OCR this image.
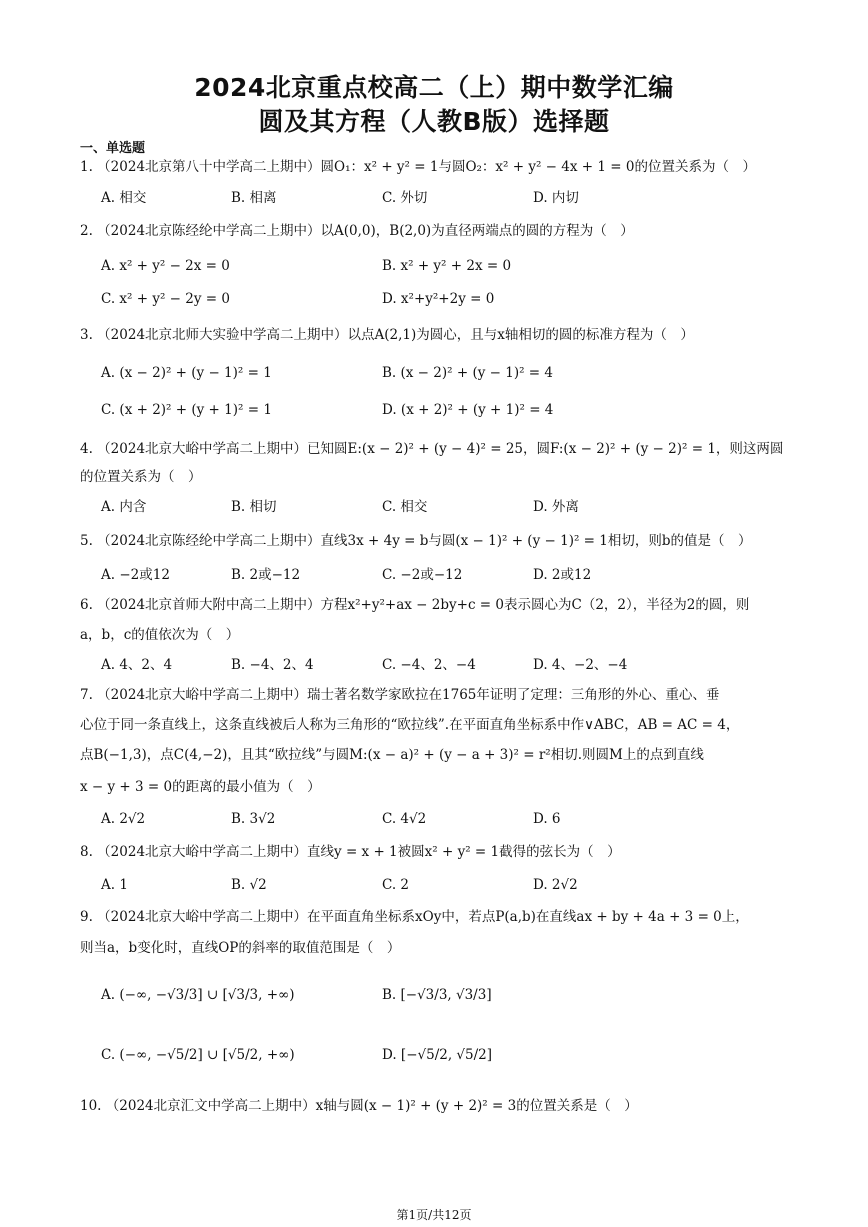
2024北京重点校高二（上）期中数学汇编
圆及其方程（人教B版）选择题
一、单选题
1. （2024北京第八十中学高二上期中）圆O₁：x² + y² = 1与圆O₂：x² + y² − 4x + 1 = 0的位置关系为（　）
A. 相交	B. 相离	C. 外切	D. 内切
2. （2024北京陈经纶中学高二上期中）以A(0,0)，B(2,0)为直径两端点的圆的方程为（　）
A. x² + y² − 2x = 0	B. x² + y² + 2x = 0
C. x² + y² − 2y = 0	D. x²+y²+2y = 0
3. （2024北京北师大实验中学高二上期中）以点A(2,1)为圆心，且与x轴相切的圆的标准方程为（　）
A. (x − 2)² + (y − 1)² = 1	B. (x − 2)² + (y − 1)² = 4
C. (x + 2)² + (y + 1)² = 1	D. (x + 2)² + (y + 1)² = 4
4. （2024北京大峪中学高二上期中）已知圆E:(x − 2)² + (y − 4)² = 25，圆F:(x − 2)² + (y − 2)² = 1，则这两圆
的位置关系为（　）
A. 内含	B. 相切	C. 相交	D. 外离
5. （2024北京陈经纶中学高二上期中）直线3x + 4y = b与圆(x − 1)² + (y − 1)² = 1相切，则b的值是（　）
A. −2或12	B. 2或−12	C. −2或−12	D. 2或12
6. （2024北京首师大附中高二上期中）方程x²+y²+ax − 2by+c = 0表示圆心为C（2，2），半径为2的圆，则
a，b，c的值依次为（　）
A. 4、2、4	B. −4、2、4	C. −4、2、−4	D. 4、−2、−4
7. （2024北京大峪中学高二上期中）瑞士著名数学家欧拉在1765年证明了定理：三角形的外心、重心、垂
心位于同一条直线上，这条直线被后人称为三角形的“欧拉线”.在平面直角坐标系中作∨ABC，AB = AC = 4，
点B(−1,3)，点C(4,−2)，且其“欧拉线”与圆M:(x − a)² + (y − a + 3)² = r²相切.则圆M上的点到直线
x − y + 3 = 0的距离的最小值为（　）
A. 2√2	B. 3√2	C. 4√2	D. 6
8. （2024北京大峪中学高二上期中）直线y = x + 1被圆x² + y² = 1截得的弦长为（　）
A. 1	B. √2	C. 2	D. 2√2
9. （2024北京大峪中学高二上期中）在平面直角坐标系xOy中，若点P(a,b)在直线ax + by + 4a + 3 = 0上，
则当a，b变化时，直线OP的斜率的取值范围是（　）
A. (−∞, −√3/3] ∪ [√3/3, +∞)	B. [−√3/3, √3/3]
C. (−∞, −√5/2] ∪ [√5/2, +∞)	D. [−√5/2, √5/2]
10. （2024北京汇文中学高二上期中）x轴与圆(x − 1)² + (y + 2)² = 3的位置关系是（　）
第1页/共12页
